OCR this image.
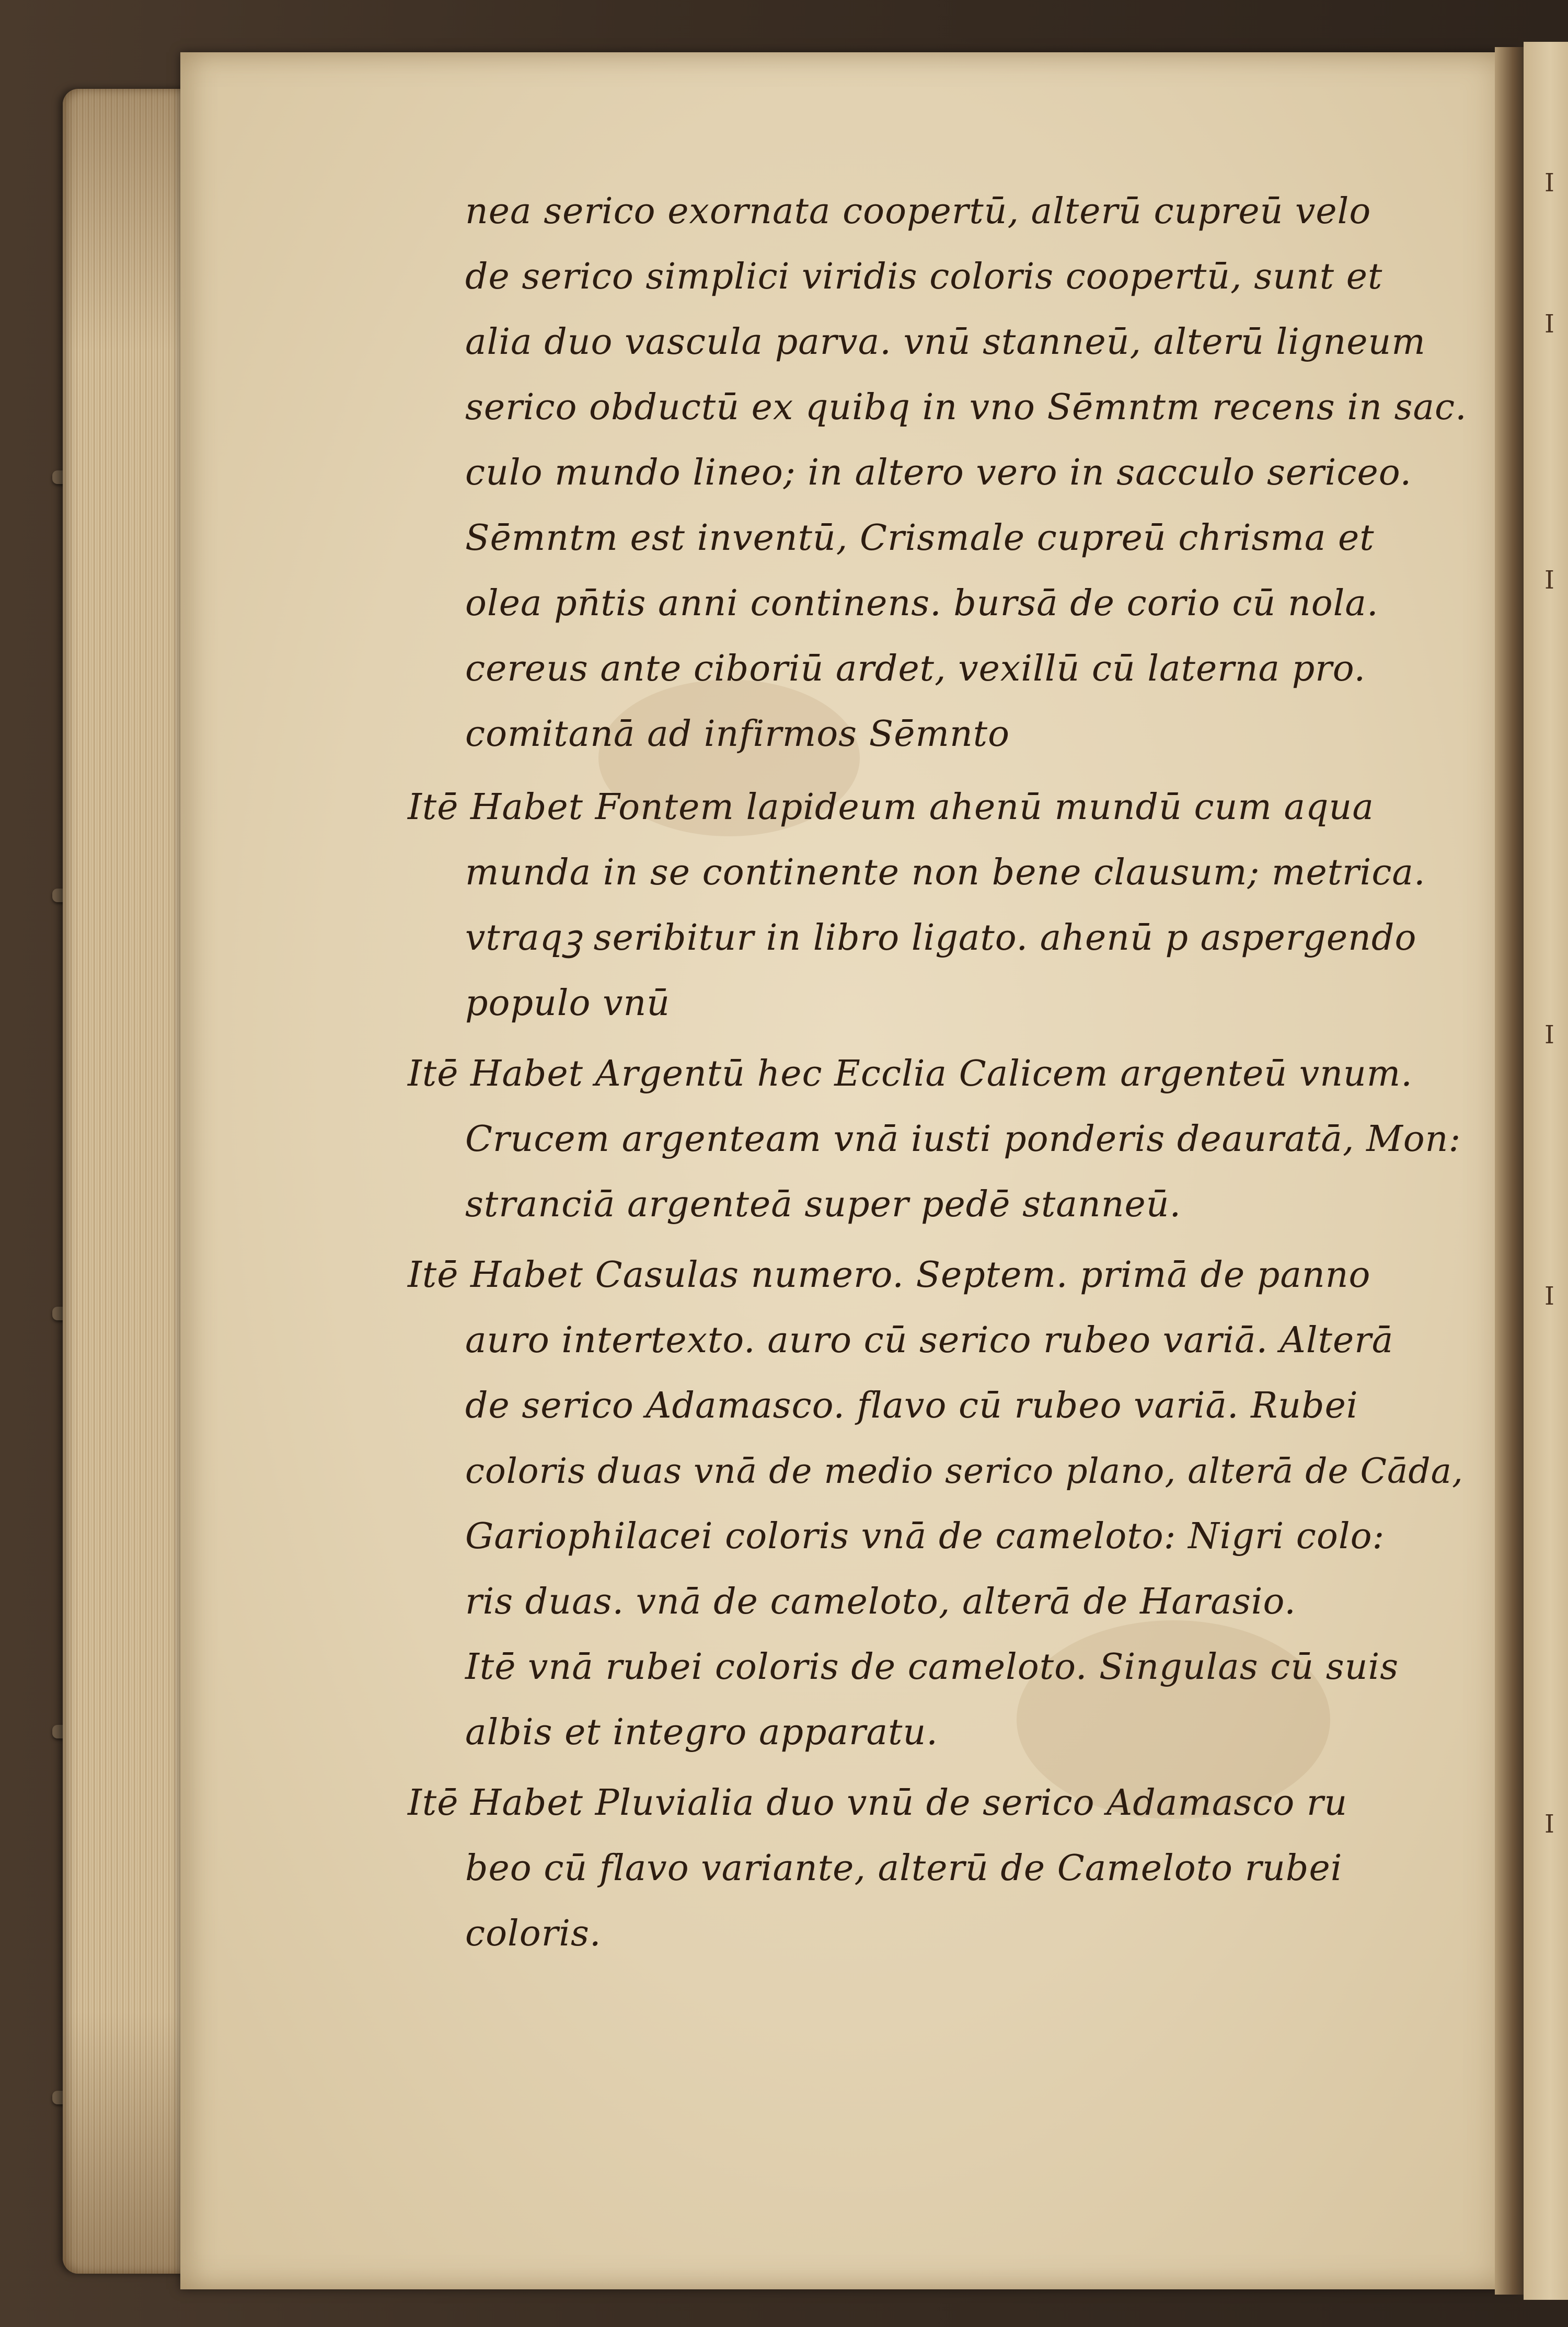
I
I
I
I
I
I
nea serico exornata coopertū, alterū cupreū velo
de serico simplici viridis coloris coopertū, sunt et
alia duo vascula parva. vnū stanneū, alterū ligneum
serico obductū ex quibq in vno Sēmntm recens in sac.
culo mundo lineo; in altero vero in sacculo sericeo.
Sēmntm est inventū, Crismale cupreū chrisma et
olea pn̄tis anni continens. bursā de corio cū nola.
cereus ante ciboriū ardet, vexillū cū laterna pro.
comitanā ad infirmos Sēmnto
Itē Habet Fontem lapideum ahenū mundū cum aqua
munda in se continente non bene clausum; metrica.
vtraqꝫ seribitur in libro ligato. ahenū p aspergendo
populo vnū
Itē Habet Argentū hec Ecclia Calicem argenteū vnum.
Crucem argenteam vnā iusti ponderis deauratā, Mon:
stranciā argenteā super pedē stanneū.
Itē Habet Casulas numero. Septem. primā de panno
auro intertexto. auro cū serico rubeo variā. Alterā
de serico Adamasco. flavo cū rubeo variā. Rubei
coloris duas vnā de medio serico plano, alterā de Cāda,
Gariophilacei coloris vnā de cameloto: Nigri colo:
ris duas. vnā de cameloto, alterā de Harasio.
Itē vnā rubei coloris de cameloto. Singulas cū suis
albis et integro apparatu.
Itē Habet Pluvialia duo vnū de serico Adamasco ru
beo cū flavo variante, alterū de Cameloto rubei
coloris.
